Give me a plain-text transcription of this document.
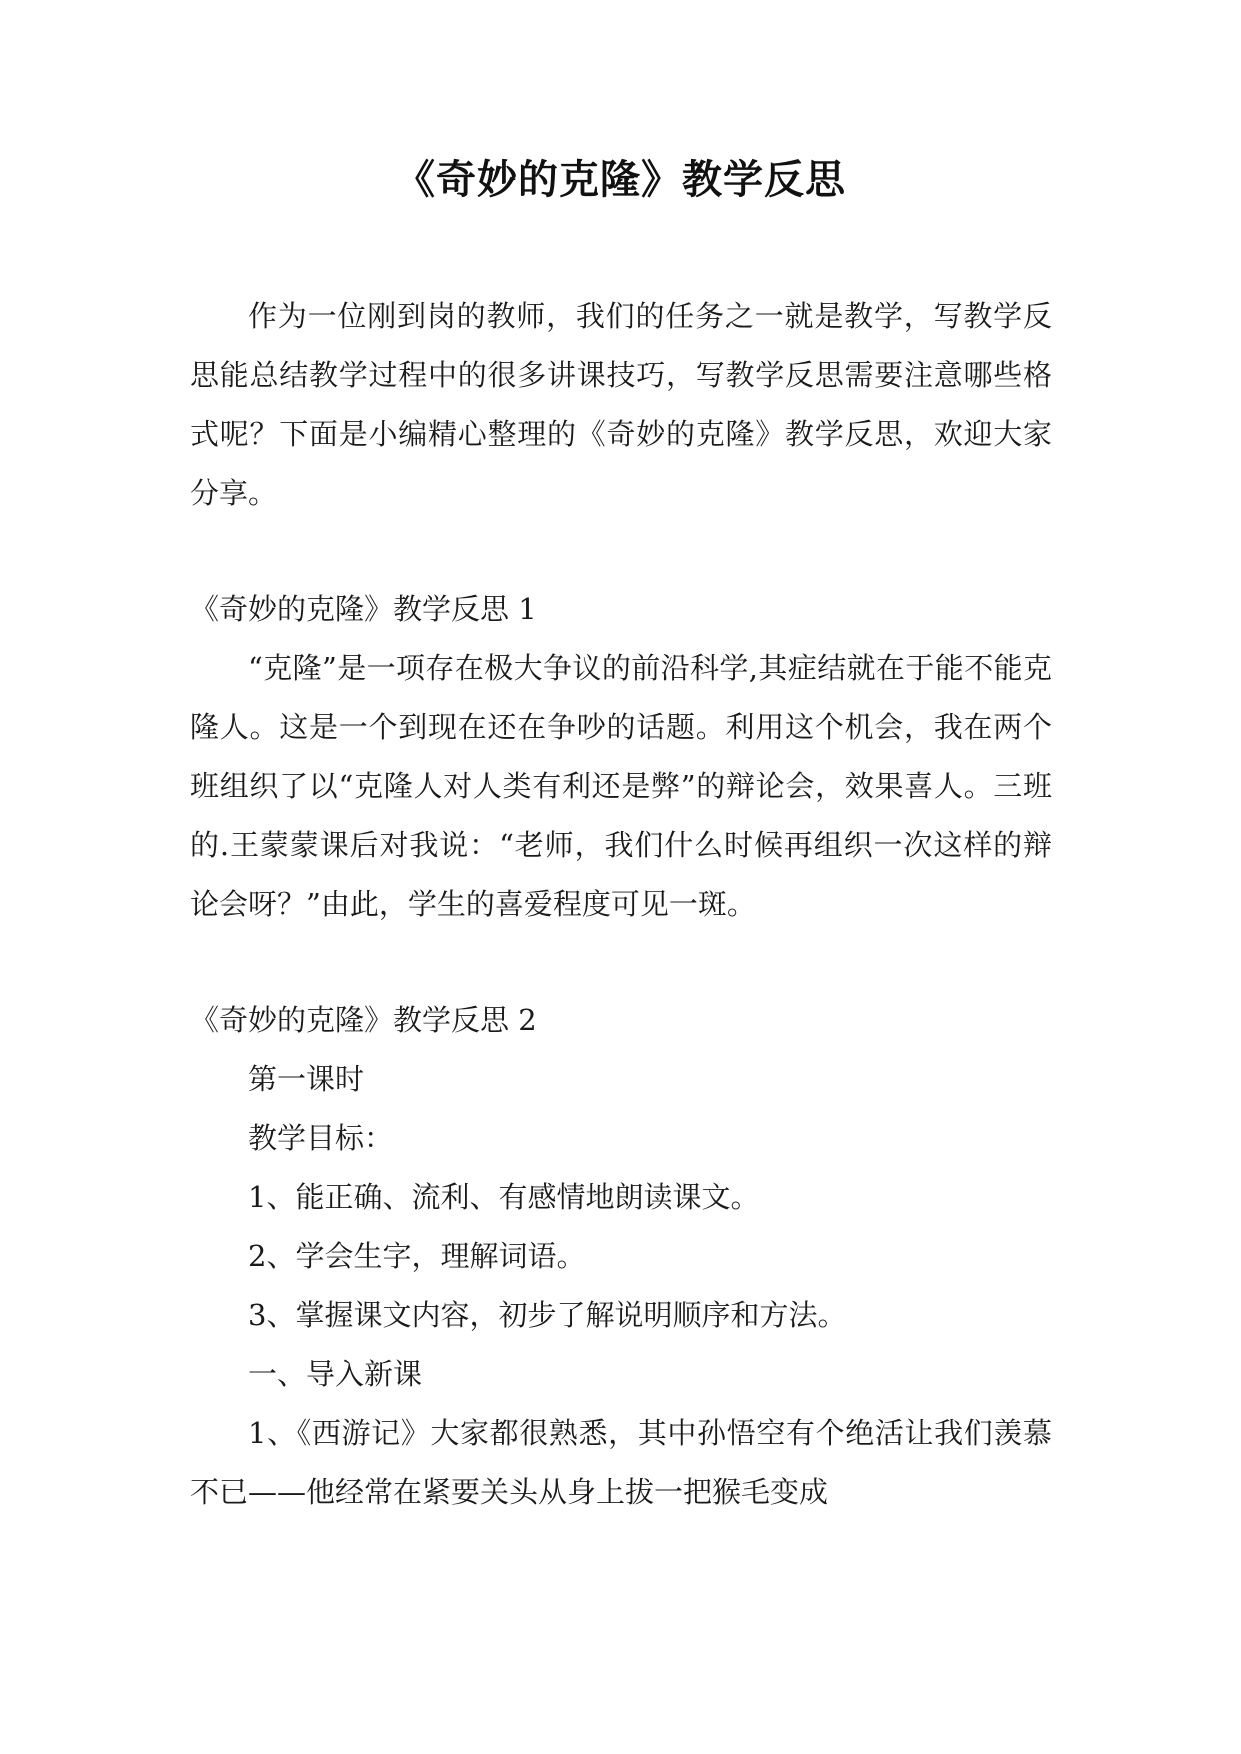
《奇妙的克隆》教学反思

作为一位刚到岗的教师，我们的任务之一就是教学，写教学反思能总结教学过程中的很多讲课技巧，写教学反思需要注意哪些格式呢？下面是小编精心整理的《奇妙的克隆》教学反思，欢迎大家分享。

《奇妙的克隆》教学反思 1

“克隆”是一项存在极大争议的前沿科学,其症结就在于能不能克隆人。这是一个到现在还在争吵的话题。利用这个机会，我在两个班组织了以“克隆人对人类有利还是弊”的辩论会，效果喜人。三班的.王蒙蒙课后对我说：“老师，我们什么时候再组织一次这样的辩论会呀？”由此，学生的喜爱程度可见一斑。

《奇妙的克隆》教学反思 2

第一课时

教学目标：

1、能正确、流利、有感情地朗读课文。

2、学会生字，理解词语。

3、掌握课文内容，初步了解说明顺序和方法。

一、导入新课

1、《西游记》大家都很熟悉，其中孙悟空有个绝活让我们羡慕不已——他经常在紧要关头从身上拔一把猴毛变成
